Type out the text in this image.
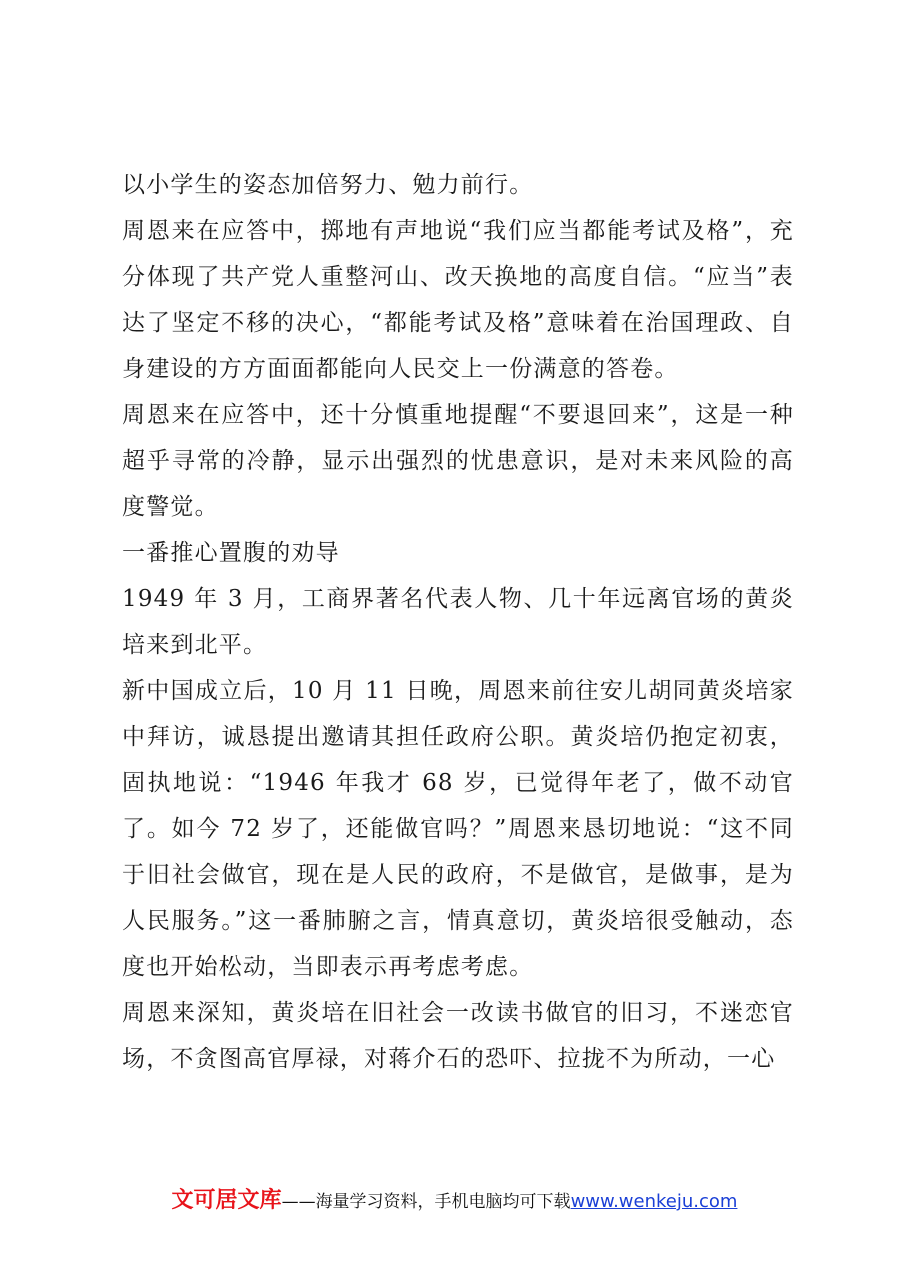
以小学生的姿态加倍努力、勉力前行。

周恩来在应答中，掷地有声地说“我们应当都能考试及格”，充分体现了共产党人重整河山、改天换地的高度自信。“应当”表达了坚定不移的决心，“都能考试及格”意味着在治国理政、自身建设的方方面面都能向人民交上一份满意的答卷。

周恩来在应答中，还十分慎重地提醒“不要退回来”，这是一种超乎寻常的冷静，显示出强烈的忧患意识，是对未来风险的高度警觉。

一番推心置腹的劝导

1949 年 3 月，工商界著名代表人物、几十年远离官场的黄炎培来到北平。

新中国成立后，10 月 11 日晚，周恩来前往安儿胡同黄炎培家中拜访，诚恳提出邀请其担任政府公职。黄炎培仍抱定初衷，固执地说：“1946 年我才 68 岁，已觉得年老了，做不动官了。如今 72 岁了，还能做官吗？”周恩来恳切地说：“这不同于旧社会做官，现在是人民的政府，不是做官，是做事，是为人民服务。”这一番肺腑之言，情真意切，黄炎培很受触动，态度也开始松动，当即表示再考虑考虑。

周恩来深知，黄炎培在旧社会一改读书做官的旧习，不迷恋官场，不贪图高官厚禄，对蒋介石的恐吓、拉拢不为所动，一心

文可居文库——海量学习资料，手机电脑均可下载www.wenkeju.com
